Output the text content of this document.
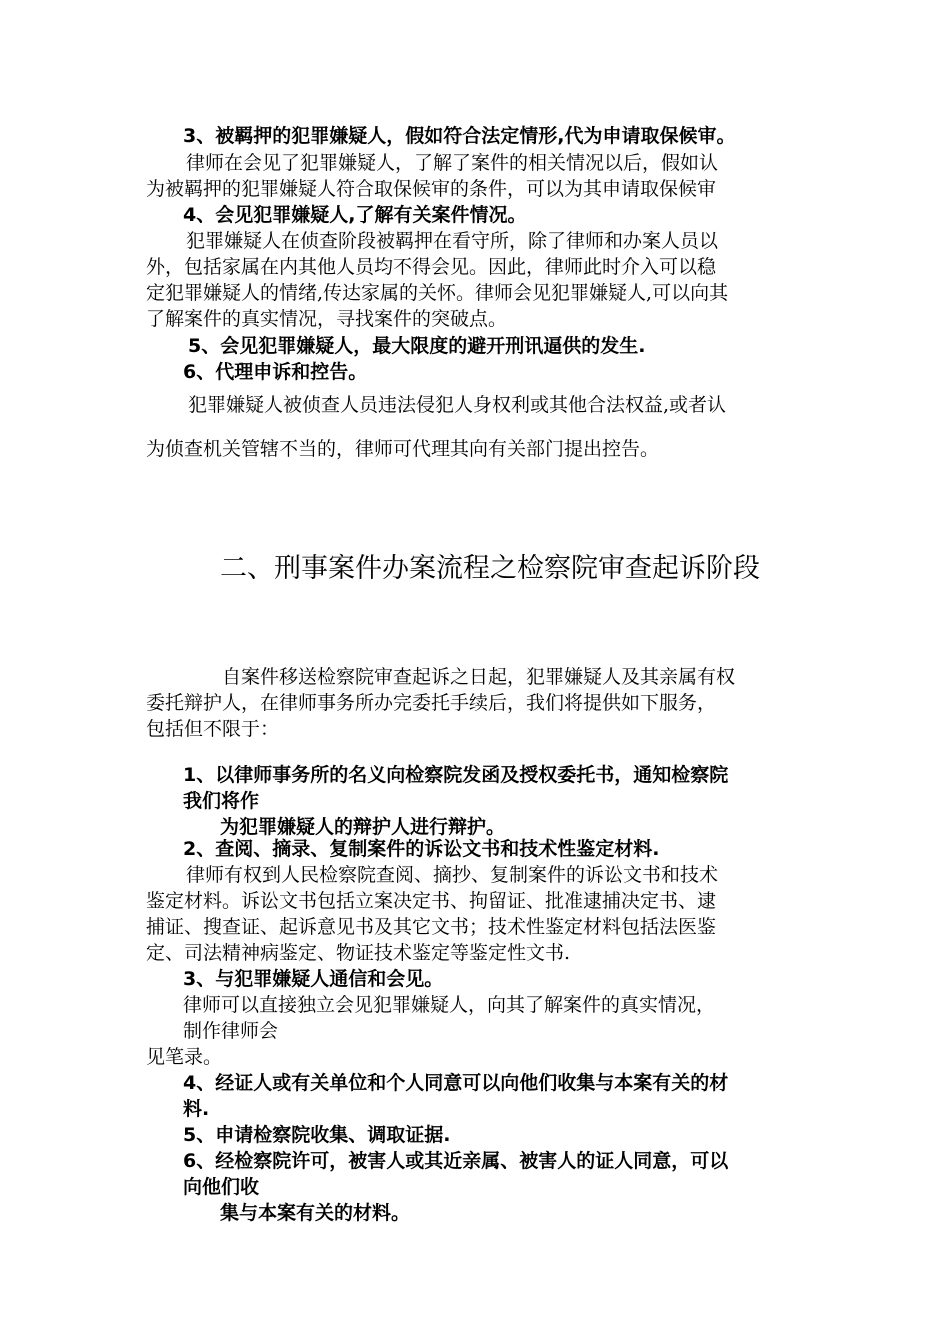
3、被羁押的犯罪嫌疑人，假如符合法定情形,代为申请取保候审。
律师在会见了犯罪嫌疑人，了解了案件的相关情况以后，假如认
为被羁押的犯罪嫌疑人符合取保候审的条件，可以为其申请取保候审
4、会见犯罪嫌疑人,了解有关案件情况。
犯罪嫌疑人在侦查阶段被羁押在看守所，除了律师和办案人员以
外，包括家属在内其他人员均不得会见。因此，律师此时介入可以稳
定犯罪嫌疑人的情绪,传达家属的关怀。律师会见犯罪嫌疑人,可以向其
了解案件的真实情况，寻找案件的突破点。
5、会见犯罪嫌疑人，最大限度的避开刑讯逼供的发生.
6、代理申诉和控告。
犯罪嫌疑人被侦查人员违法侵犯人身权利或其他合法权益,或者认
为侦查机关管辖不当的，律师可代理其向有关部门提出控告。
二、刑事案件办案流程之检察院审查起诉阶段
自案件移送检察院审查起诉之日起，犯罪嫌疑人及其亲属有权
委托辩护人，在律师事务所办完委托手续后，我们将提供如下服务，
包括但不限于：
1、以律师事务所的名义向检察院发函及授权委托书，通知检察院
我们将作
为犯罪嫌疑人的辩护人进行辩护。
2、查阅、摘录、复制案件的诉讼文书和技术性鉴定材料.
律师有权到人民检察院查阅、摘抄、复制案件的诉讼文书和技术
鉴定材料。诉讼文书包括立案决定书、拘留证、批准逮捕决定书、逮
捕证、搜查证、起诉意见书及其它文书；技术性鉴定材料包括法医鉴
定、司法精神病鉴定、物证技术鉴定等鉴定性文书.
3、与犯罪嫌疑人通信和会见。
律师可以直接独立会见犯罪嫌疑人，向其了解案件的真实情况，
制作律师会
见笔录。
4、经证人或有关单位和个人同意可以向他们收集与本案有关的材
料.
5、申请检察院收集、调取证据.
6、经检察院许可，被害人或其近亲属、被害人的证人同意，可以
向他们收
集与本案有关的材料。
